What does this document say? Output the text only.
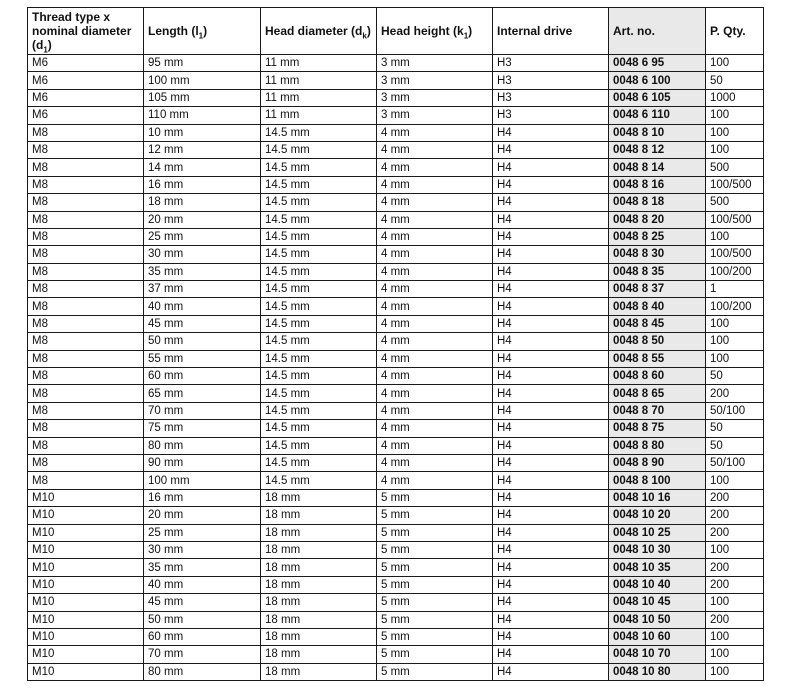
Thread type x nominal diameter $(d_1)$	Length $(l_1)$	Head diameter $(d_k)$	Head height $(k_1)$	Internal drive	Art. no.	P. Qty.
M6	95 mm	11 mm	3 mm	H3	0048 6 95	100
M6	100 mm	11 mm	3 mm	H3	0048 6 100	50
M6	105 mm	11 mm	3 mm	H3	0048 6 105	1000
M6	110 mm	11 mm	3 mm	H3	0048 6 110	100
M8	10 mm	14.5 mm	4 mm	H4	0048 8 10	100
M8	12 mm	14.5 mm	4 mm	H4	0048 8 12	100
M8	14 mm	14.5 mm	4 mm	H4	0048 8 14	500
M8	16 mm	14.5 mm	4 mm	H4	0048 8 16	100/500
M8	18 mm	14.5 mm	4 mm	H4	0048 8 18	500
M8	20 mm	14.5 mm	4 mm	H4	0048 8 20	100/500
M8	25 mm	14.5 mm	4 mm	H4	0048 8 25	100
M8	30 mm	14.5 mm	4 mm	H4	0048 8 30	100/500
M8	35 mm	14.5 mm	4 mm	H4	0048 8 35	100/200
M8	37 mm	14.5 mm	4 mm	H4	0048 8 37	1
M8	40 mm	14.5 mm	4 mm	H4	0048 8 40	100/200
M8	45 mm	14.5 mm	4 mm	H4	0048 8 45	100
M8	50 mm	14.5 mm	4 mm	H4	0048 8 50	100
M8	55 mm	14.5 mm	4 mm	H4	0048 8 55	100
M8	60 mm	14.5 mm	4 mm	H4	0048 8 60	50
M8	65 mm	14.5 mm	4 mm	H4	0048 8 65	200
M8	70 mm	14.5 mm	4 mm	H4	0048 8 70	50/100
M8	75 mm	14.5 mm	4 mm	H4	0048 8 75	50
M8	80 mm	14.5 mm	4 mm	H4	0048 8 80	50
M8	90 mm	14.5 mm	4 mm	H4	0048 8 90	50/100
M8	100 mm	14.5 mm	4 mm	H4	0048 8 100	100
M10	16 mm	18 mm	5 mm	H4	0048 10 16	200
M10	20 mm	18 mm	5 mm	H4	0048 10 20	200
M10	25 mm	18 mm	5 mm	H4	0048 10 25	200
M10	30 mm	18 mm	5 mm	H4	0048 10 30	100
M10	35 mm	18 mm	5 mm	H4	0048 10 35	200
M10	40 mm	18 mm	5 mm	H4	0048 10 40	200
M10	45 mm	18 mm	5 mm	H4	0048 10 45	100
M10	50 mm	18 mm	5 mm	H4	0048 10 50	200
M10	60 mm	18 mm	5 mm	H4	0048 10 60	100
M10	70 mm	18 mm	5 mm	H4	0048 10 70	100
M10	80 mm	18 mm	5 mm	H4	0048 10 80	100
